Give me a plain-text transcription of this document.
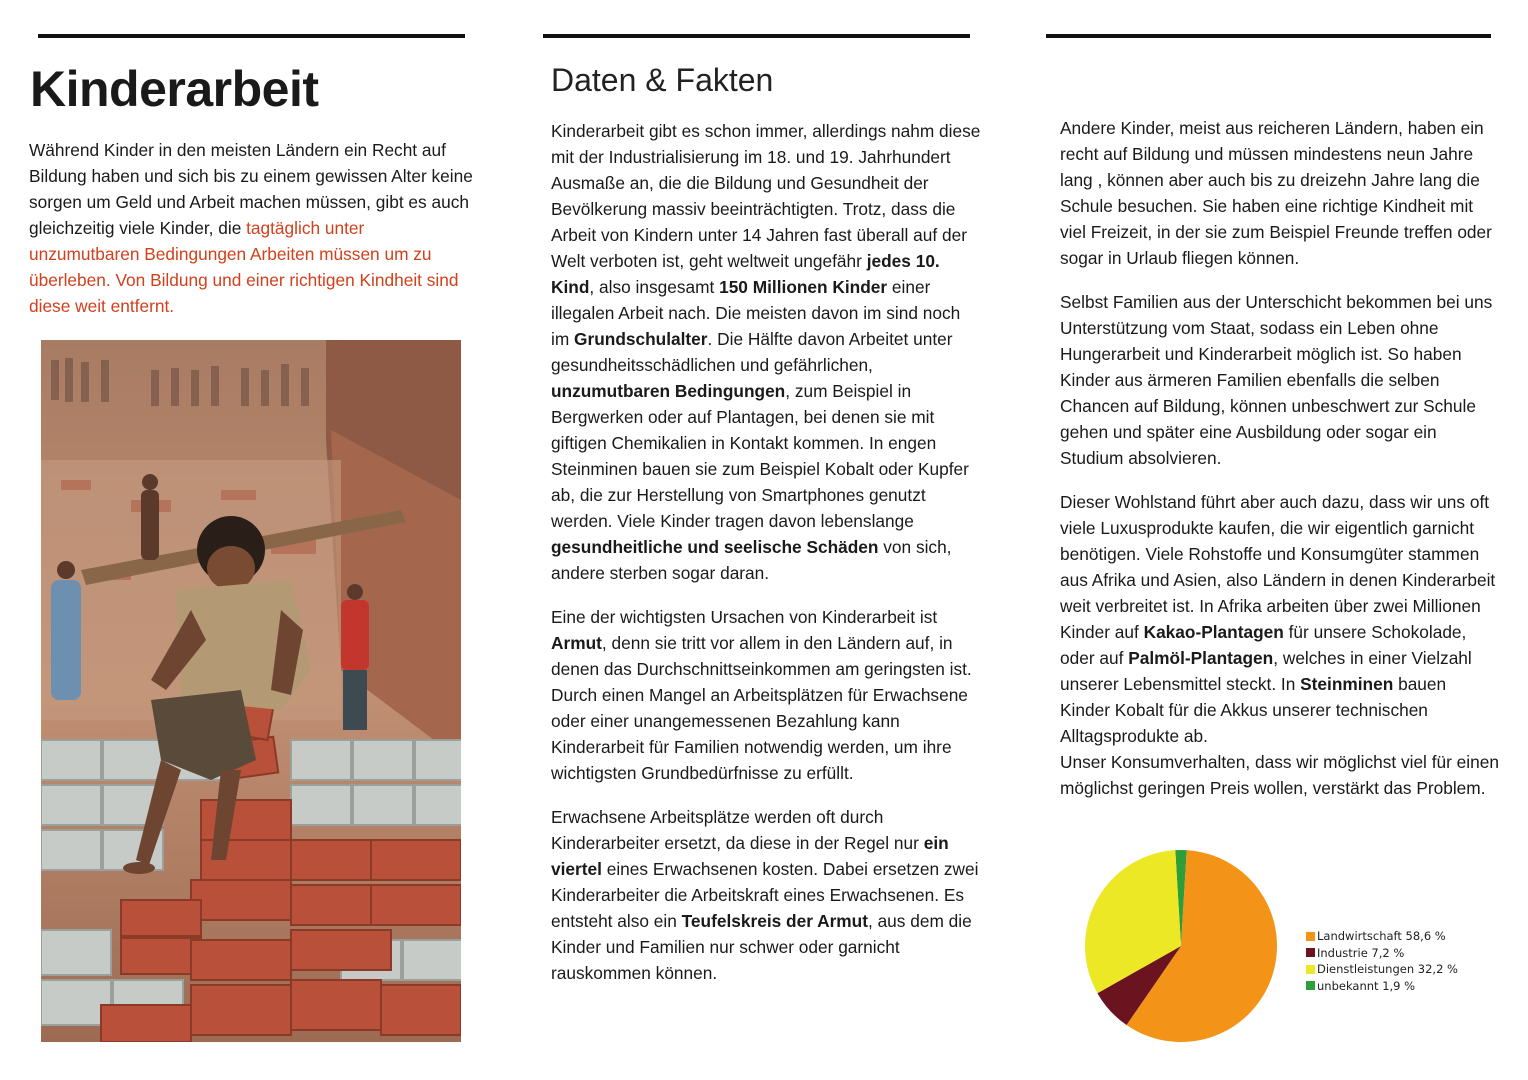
Kinderarbeit

Während Kinder in den meisten Ländern ein Recht auf Bildung haben und sich bis zu einem gewissen Alter keine sorgen um Geld und Arbeit machen müssen, gibt es auch gleichzeitig viele Kinder, die tagtäglich unter unzumutbaren Bedingungen Arbeiten müssen um zu überleben. Von Bildung und einer richtigen Kindheit sind diese weit entfernt.

Daten & Fakten

Kinderarbeit gibt es schon immer, allerdings nahm diese mit der Industrialisierung im 18. und 19. Jahrhundert Ausmaße an, die die Bildung und Gesundheit der Bevölkerung massiv beeinträchtigten. Trotz, dass die Arbeit von Kindern unter 14 Jahren fast überall auf der Welt verboten ist, geht weltweit ungefähr jedes 10. Kind, also insgesamt 150 Millionen Kinder einer illegalen Arbeit nach. Die meisten davon im sind noch im Grundschulalter. Die Hälfte davon Arbeitet unter gesundheitsschädlichen und gefährlichen, unzumutbaren Bedingungen, zum Beispiel in Bergwerken oder auf Plantagen, bei denen sie mit giftigen Chemikalien in Kontakt kommen. In engen Steinminen bauen sie zum Beispiel Kobalt oder Kupfer ab, die zur Herstellung von Smartphones genutzt werden. Viele Kinder tragen davon lebenslange gesundheitliche und seelische Schäden von sich, andere sterben sogar daran.

Eine der wichtigsten Ursachen von Kinderarbeit ist Armut, denn sie tritt vor allem in den Ländern auf, in denen das Durchschnittseinkommen am geringsten ist. Durch einen Mangel an Arbeitsplätzen für Erwachsene oder einer unangemessenen Bezahlung kann Kinderarbeit für Familien notwendig werden, um ihre wichtigsten Grundbedürfnisse zu erfüllt.

Erwachsene Arbeitsplätze werden oft durch Kinderarbeiter ersetzt, da diese in der Regel nur ein viertel eines Erwachsenen kosten. Dabei ersetzen zwei Kinderarbeiter die Arbeitskraft eines Erwachsenen. Es entsteht also ein Teufelskreis der Armut, aus dem die Kinder und Familien nur schwer oder garnicht rauskommen können.

Andere Kinder, meist aus reicheren Ländern, haben ein recht auf Bildung und müssen mindestens neun Jahre lang , können aber auch bis zu dreizehn Jahre lang die Schule besuchen. Sie haben eine richtige Kindheit mit viel Freizeit, in der sie zum Beispiel Freunde treffen oder sogar in Urlaub fliegen können.

Selbst Familien aus der Unterschicht bekommen bei uns Unterstützung vom Staat, sodass ein Leben ohne Hungerarbeit und Kinderarbeit möglich ist. So haben Kinder aus ärmeren Familien ebenfalls die selben Chancen auf Bildung, können unbeschwert zur Schule gehen und später eine Ausbildung oder sogar ein Studium absolvieren.

Dieser Wohlstand führt aber auch dazu, dass wir uns oft viele Luxusprodukte kaufen, die wir eigentlich garnicht benötigen. Viele Rohstoffe und Konsumgüter stammen aus Afrika und Asien, also Ländern in denen Kinderarbeit weit verbreitet ist. In Afrika arbeiten über zwei Millionen Kinder auf Kakao-Plantagen für unsere Schokolade, oder auf Palmöl-Plantagen, welches in einer Vielzahl unserer Lebensmittel steckt. In Steinminen bauen Kinder Kobalt für die Akkus unserer technischen Alltagsprodukte ab.

Unser Konsumverhalten, dass wir möglichst viel für einen möglichst geringen Preis wollen, verstärkt das Problem.

Landwirtschaft 58,6 %
Industrie 7,2 %
Dienstleistungen 32,2 %
unbekannt 1,9 %
